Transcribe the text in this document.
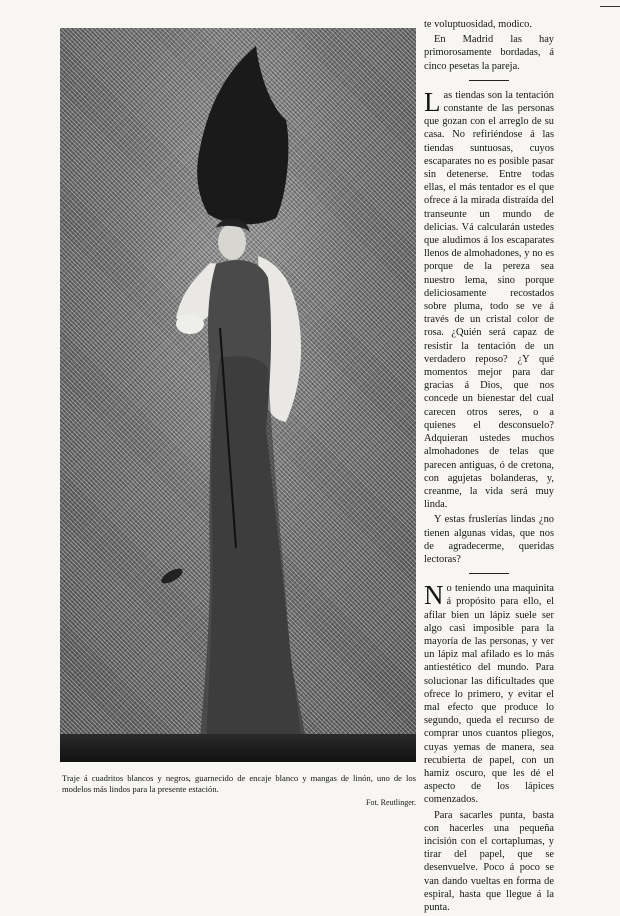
Traje á cuadritos blancos y negros, guarnecido de encaje blanco y mangas de linón, uno de los modelos más lindos para la presente estación.
Fot. Reutlinger.

te voluptuosidad, modico.

En Madrid las hay primorosamente bordadas, á cinco pesetas la pareja.

Las tiendas son la tentación constante de las personas que gozan con el arreglo de su casa. No refiriéndose á las tiendas suntuosas, cuyos escaparates no es posible pasar sin detenerse. Entre todas ellas, el más tentador es el que ofrece á la mirada distraída del transeunte un mundo de delicias. Vá calcularán ustedes que aludimos á los escaparates llenos de almohadones, y no es porque de la pereza sea nuestro lema, sino porque deliciosamente recostados sobre pluma, todo se ve á través de un cristal color de rosa. ¿Quién será capaz de resistir la tentación de un verdadero reposo? ¿Y qué momentos mejor para dar gracias á Dios, que nos concede un bienestar del cual carecen otros seres, o a quienes el desconsuelo? Adquieran ustedes muchos almohadones de telas que parecen antiguas, ó de cretona, con agujetas bolanderas, y, creanme, la vida será muy linda.

Y estas fruslerías lindas ¿no tienen algunas vidas, que nos de agradecerme, queridas lectoras?

No teniendo una maquinita á propósito para ello, el afilar bien un lápiz suele ser algo casi imposible para la mayoría de las personas, y ver un lápiz mal afilado es lo más antiestético del mundo. Para solucionar las dificultades que ofrece lo primero, y evitar el mal efecto que produce lo segundo, queda el recurso de comprar unos cuantos pliegos, cuyas yemas de manera, sea recubierta de papel, con un hamiz oscuro, que les dé el aspecto de los lápices comenzados.

Para sacarles punta, basta con hacerles una pequeña incisión con el cortaplumas, y tirar del papel, que se desenvuelve. Poco á poco se van dando vueltas en forma de espiral, hasta que llegue á la punta.
